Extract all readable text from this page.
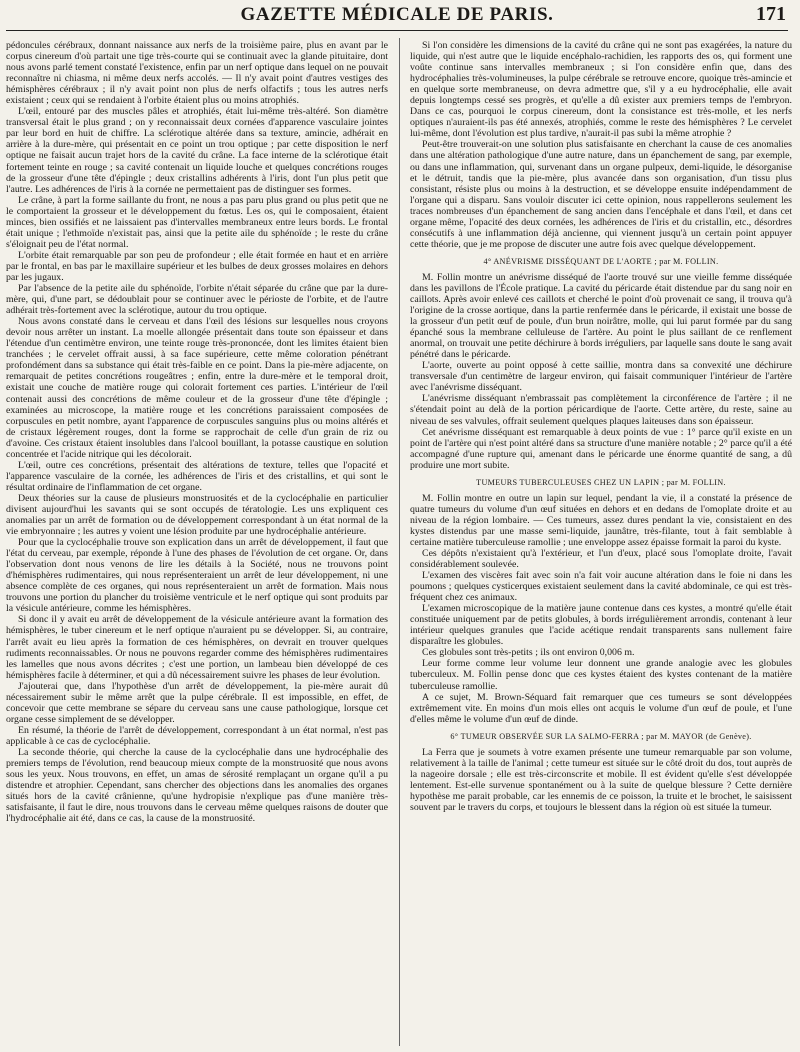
GAZETTE MÉDICALE DE PARIS.	171

pédoncules cérébraux, donnant naissance aux nerfs de la troisième paire, plus en avant par le corpus cinereum d'où partait une tige très-courte qui se continuait avec la glande pituitaire, dont nous avons parlé tement constaté l'existence, enfin par un nerf optique dans lequel on ne pouvait reconnaître ni chiasma, ni même deux nerfs accolés. — Il n'y avait point d'autres vestiges des hémisphères cérébraux ; il n'y avait point non plus de nerfs olfactifs ; tous les autres nerfs existaient ; ceux qui se rendaient à l'orbite étaient plus ou moins atrophiés.

L'œil, entouré par des muscles pâles et atrophiés, était lui-même très-altéré. Son diamètre transversal était le plus grand ; on y reconnaissait deux cornées d'apparence vasculaire jointes par leur bord en huit de chiffre. La sclérotique altérée dans sa texture, amincie, adhérait en arrière à la dure-mère, qui présentait en ce point un trou optique ; par cette disposition le nerf optique ne faisait aucun trajet hors de la cavité du crâne. La face interne de la sclérotique était fortement teinte en rouge ; sa cavité contenait un liquide louche et quelques concrétions rouges de la grosseur d'une tête d'épingle ; deux cristallins adhérents à l'iris, dont l'un plus petit que l'autre. Les adhérences de l'iris à la cornée ne permettaient pas de distinguer ses formes.

Le crâne, à part la forme saillante du front, ne nous a pas paru plus grand ou plus petit que ne le comportaient la grosseur et le développement du fœtus. Les os, qui le composaient, étaient minces, bien ossifiés et ne laissaient pas d'intervalles membraneux entre leurs bords. Le frontal était unique ; l'ethmoïde n'existait pas, ainsi que la petite aile du sphénoïde ; le reste du crâne s'éloignait peu de l'état normal.

L'orbite était remarquable par son peu de profondeur ; elle était formée en haut et en arrière par le frontal, en bas par le maxillaire supérieur et les bulbes de deux grosses molaires en dehors par les jugaux.

Par l'absence de la petite aile du sphénoïde, l'orbite n'était séparée du crâne que par la dure-mère, qui, d'une part, se dédoublait pour se continuer avec le périoste de l'orbite, et de l'autre adhérait très-fortement avec la sclérotique, autour du trou optique.

Nous avons constaté dans le cerveau et dans l'œil des lésions sur lesquelles nous croyons devoir nous arrêter un instant. La moelle allongée présentait dans toute son épaisseur et dans l'étendue d'un centimètre environ, une teinte rouge très-prononcée, dont les limites étaient bien tranchées ; le cervelet offrait aussi, à sa face supérieure, cette même coloration pénétrant profondément dans sa substance qui était très-faible en ce point. Dans la pie-mère adjacente, on remarquait de petites concrétions rougeâtres ; enfin, entre la dure-mère et le temporal droit, existait une couche de matière rouge qui colorait fortement ces parties. L'intérieur de l'œil contenait aussi des concrétions de même couleur et de la grosseur d'une tête d'épingle ; examinées au microscope, la matière rouge et les concrétions paraissaient composées de corpuscules en petit nombre, ayant l'apparence de corpuscules sanguins plus ou moins altérés et de cristaux légèrement rouges, dont la forme se rapprochait de celle d'un grain de riz ou d'avoine. Ces cristaux étaient insolubles dans l'alcool bouillant, la potasse caustique en solution concentrée et l'acide nitrique qui les décolorait.

L'œil, outre ces concrétions, présentait des altérations de texture, telles que l'opacité et l'apparence vasculaire de la cornée, les adhérences de l'iris et des cristallins, et qui sont le résultat ordinaire de l'inflammation de cet organe.

Deux théories sur la cause de plusieurs monstruosités et de la cyclocéphalie en particulier divisent aujourd'hui les savants qui se sont occupés de tératologie. Les uns expliquent ces anomalies par un arrêt de formation ou de développement correspondant à un état normal de la vie embryonnaire ; les autres y voient une lésion produite par une hydrocéphalie antérieure.

Pour que la cyclocéphalie trouve son explication dans un arrêt de développement, il faut que l'état du cerveau, par exemple, réponde à l'une des phases de l'évolution de cet organe. Or, dans l'observation dont nous venons de lire les détails à la Société, nous ne trouvons point d'hémisphères rudimentaires, qui nous représenteraient un arrêt de leur développement, ni une absence complète de ces organes, qui nous représenteraient un arrêt de formation. Mais nous trouvons une portion du plancher du troisième ventricule et le nerf optique qui sont produits par la vésicule antérieure, comme les hémisphères.

Si donc il y avait eu arrêt de développement de la vésicule antérieure avant la formation des hémisphères, le tuber cinereum et le nerf optique n'auraient pu se développer. Si, au contraire, l'arrêt avait eu lieu après la formation de ces hémisphères, on devrait en trouver quelques rudiments reconnaissables. Or nous ne pouvons regarder comme des hémisphères rudimentaires les lamelles que nous avons décrites ; c'est une portion, un lambeau bien développé de ces hémisphères facile à déterminer, et qui a dû nécessairement suivre les phases de leur évolution.

J'ajouterai que, dans l'hypothèse d'un arrêt de développement, la pie-mère aurait dû nécessairement subir le même arrêt que la pulpe cérébrale. Il est impossible, en effet, de concevoir que cette membrane se sépare du cerveau sans une cause pathologique, lorsque cet organe cesse simplement de se développer.

En résumé, la théorie de l'arrêt de développement, correspondant à un état normal, n'est pas applicable à ce cas de cyclocéphalie.

La seconde théorie, qui cherche la cause de la cyclocéphalie dans une hydrocéphalie des premiers temps de l'évolution, rend beaucoup mieux compte de la monstruosité que nous avons sous les yeux. Nous trouvons, en effet, un amas de sérosité remplaçant un organe qu'il a pu distendre et atrophier. Cependant, sans chercher des objections dans les anomalies des organes situés hors de la cavité crânienne, qu'une hydropisie n'explique pas d'une manière très-satisfaisante, il faut le dire, nous trouvons dans le cerveau même quelques raisons de douter que l'hydrocéphalie ait été, dans ce cas, la cause de la monstruosité.

Si l'on considère les dimensions de la cavité du crâne qui ne sont pas exagérées, la nature du liquide, qui n'est autre que le liquide encéphalo-rachidien, les rapports des os, qui forment une voûte continue sans intervalles membraneux ; si l'on considère enfin que, dans des hydrocéphalies très-volumineuses, la pulpe cérébrale se retrouve encore, quoique très-amincie et en quelque sorte membraneuse, on devra admettre que, s'il y a eu hydrocéphalie, elle avait depuis longtemps cessé ses progrès, et qu'elle a dû exister aux premiers temps de l'embryon. Dans ce cas, pourquoi le corpus cinereum, dont la consistance est très-molle, et les nerfs optiques n'auraient-ils pas été annexés, atrophiés, comme le reste des hémisphères ? Le cervelet lui-même, dont l'évolution est plus tardive, n'aurait-il pas subi la même atrophie ?

Peut-être trouverait-on une solution plus satisfaisante en cherchant la cause de ces anomalies dans une altération pathologique d'une autre nature, dans un épanchement de sang, par exemple, ou dans une inflammation, qui, survenant dans un organe pulpeux, demi-liquide, le désorganise et le détruit, tandis que la pie-mère, plus avancée dans son organisation, d'un tissu plus consistant, résiste plus ou moins à la destruction, et se développe ensuite indépendamment de l'organe qui a disparu. Sans vouloir discuter ici cette opinion, nous rappellerons seulement les traces nombreuses d'un épanchement de sang ancien dans l'encéphale et dans l'œil, et dans cet organe même, l'opacité des deux cornées, les adhérences de l'iris et du cristallin, etc., désordres consécutifs à une inflammation déjà ancienne, qui viennent jusqu'à un certain point appuyer cette théorie, que je me propose de discuter une autre fois avec quelque développement.

4° ANÉVRISME DISSÉQUANT DE L'AORTE ; par M. FOLLIN.

M. Follin montre un anévrisme disséqué de l'aorte trouvé sur une vieille femme disséquée dans les pavillons de l'École pratique. La cavité du péricarde était distendue par du sang noir en caillots. Après avoir enlevé ces caillots et cherché le point d'où provenait ce sang, il trouva qu'à l'origine de la crosse aortique, dans la partie renfermée dans le péricarde, il existait une bosse de la grosseur d'un petit œuf de poule, d'un brun noirâtre, molle, qui lui parut formée par du sang épanché sous la membrane celluleuse de l'artère. Au point le plus saillant de ce renflement anormal, on trouvait une petite déchirure à bords irréguliers, par laquelle sans doute le sang avait pénétré dans le péricarde.

L'aorte, ouverte au point opposé à cette saillie, montra dans sa convexité une déchirure transversale d'un centimètre de largeur environ, qui faisait communiquer l'intérieur de l'artère avec l'anévrisme disséquant.

L'anévrisme disséquant n'embrassait pas complètement la circonférence de l'artère ; il ne s'étendait point au delà de la portion péricardique de l'aorte. Cette artère, du reste, saine au niveau de ses valvules, offrait seulement quelques plaques laiteuses dans son épaisseur.

Cet anévrisme disséquant est remarquable à deux points de vue : 1° parce qu'il existe en un point de l'artère qui n'est point altéré dans sa structure d'une manière notable ; 2° parce qu'il a été accompagné d'une rupture qui, amenant dans le péricarde une énorme quantité de sang, a dû produire une mort subite.

TUMEURS TUBERCULEUSES CHEZ UN LAPIN ; par M. FOLLIN.

M. Follin montre en outre un lapin sur lequel, pendant la vie, il a constaté la présence de quatre tumeurs du volume d'un œuf situées en dehors et en dedans de l'omoplate droite et au niveau de la région lombaire. — Ces tumeurs, assez dures pendant la vie, consistaient en des kystes distendus par une masse semi-liquide, jaunâtre, très-filante, tout à fait semblable à certaine matière tuberculeuse ramollie ; une enveloppe assez épaisse formait la paroi du kyste.

Ces dépôts n'existaient qu'à l'extérieur, et l'un d'eux, placé sous l'omoplate droite, l'avait considérablement soulevée.

L'examen des viscères fait avec soin n'a fait voir aucune altération dans le foie ni dans les poumons ; quelques cysticerques existaient seulement dans la cavité abdominale, ce qui est très-fréquent chez ces animaux.

L'examen microscopique de la matière jaune contenue dans ces kystes, a montré qu'elle était constituée uniquement par de petits globules, à bords irrégulièrement arrondis, contenant à leur intérieur quelques granules que l'acide acétique rendait transparents sans nullement faire disparaître les globules.

Ces globules sont très-petits ; ils ont environ 0,006 m.

Leur forme comme leur volume leur donnent une grande analogie avec les globules tuberculeux. M. Follin pense donc que ces kystes étaient des kystes contenant de la matière tuberculeuse ramollie.

A ce sujet, M. Brown-Séquard fait remarquer que ces tumeurs se sont développées extrêmement vite. En moins d'un mois elles ont acquis le volume d'un œuf de poule, et l'une d'elles même le volume d'un œuf de dinde.

6° TUMEUR OBSERVÉE SUR LA SALMO-FERRA ; par M. MAYOR (de Genève).

La Ferra que je soumets à votre examen présente une tumeur remarquable par son volume, relativement à la taille de l'animal ; cette tumeur est située sur le côté droit du dos, tout auprès de la nageoire dorsale ; elle est très-circonscrite et mobile. Il est évident qu'elle s'est développée lentement. Est-elle survenue spontanément ou à la suite de quelque blessure ? Cette dernière hypothèse me parait probable, car les ennemis de ce poisson, la truite et le brochet, le saisissent souvent par le travers du corps, et toujours le blessent dans la région où est située la tumeur.
